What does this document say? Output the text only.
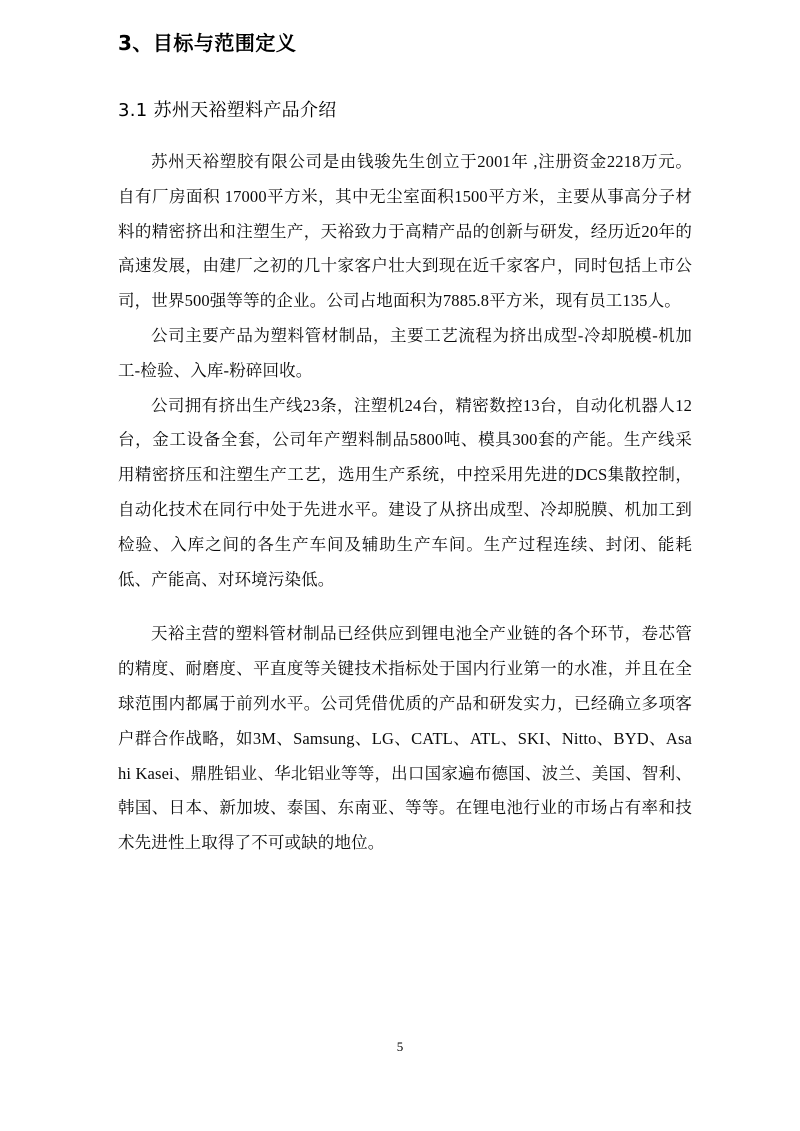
3、目标与范围定义
3.1 苏州天裕塑料产品介绍

苏州天裕塑胶有限公司是由钱骏先生创立于2001年 ,注册资金2218万元。自有厂房面积 17000平方米，其中无尘室面积1500平方米，主要从事高分子材料的精密挤出和注塑生产，天裕致力于高精产品的创新与研发，经历近20年的高速发展，由建厂之初的几十家客户壮大到现在近千家客户，同时包括上市公司，世界500强等等的企业。公司占地面积为7885.8平方米，现有员工135人。

公司主要产品为塑料管材制品，主要工艺流程为挤出成型-冷却脱模-机加工-检验、入库-粉碎回收。

公司拥有挤出生产线23条，注塑机24台，精密数控13台，自动化机器人12台，金工设备全套，公司年产塑料制品5800吨、模具300套的产能。生产线采用精密挤压和注塑生产工艺，选用生产系统，中控采用先进的DCS集散控制，自动化技术在同行中处于先进水平。建设了从挤出成型、冷却脱膜、机加工到检验、入库之间的各生产车间及辅助生产车间。生产过程连续、封闭、能耗低、产能高、对环境污染低。

天裕主营的塑料管材制品已经供应到锂电池全产业链的各个环节，卷芯管的精度、耐磨度、平直度等关键技术指标处于国内行业第一的水准，并且在全球范围内都属于前列水平。公司凭借优质的产品和研发实力，已经确立多项客户群合作战略，如3M、Samsung、LG、CATL、ATL、SKI、Nitto、BYD、Asahi Kasei、鼎胜铝业、华北铝业等等，出口国家遍布德国、波兰、美国、智利、韩国、日本、新加坡、泰国、东南亚、等等。在锂电池行业的市场占有率和技术先进性上取得了不可或缺的地位。

5
